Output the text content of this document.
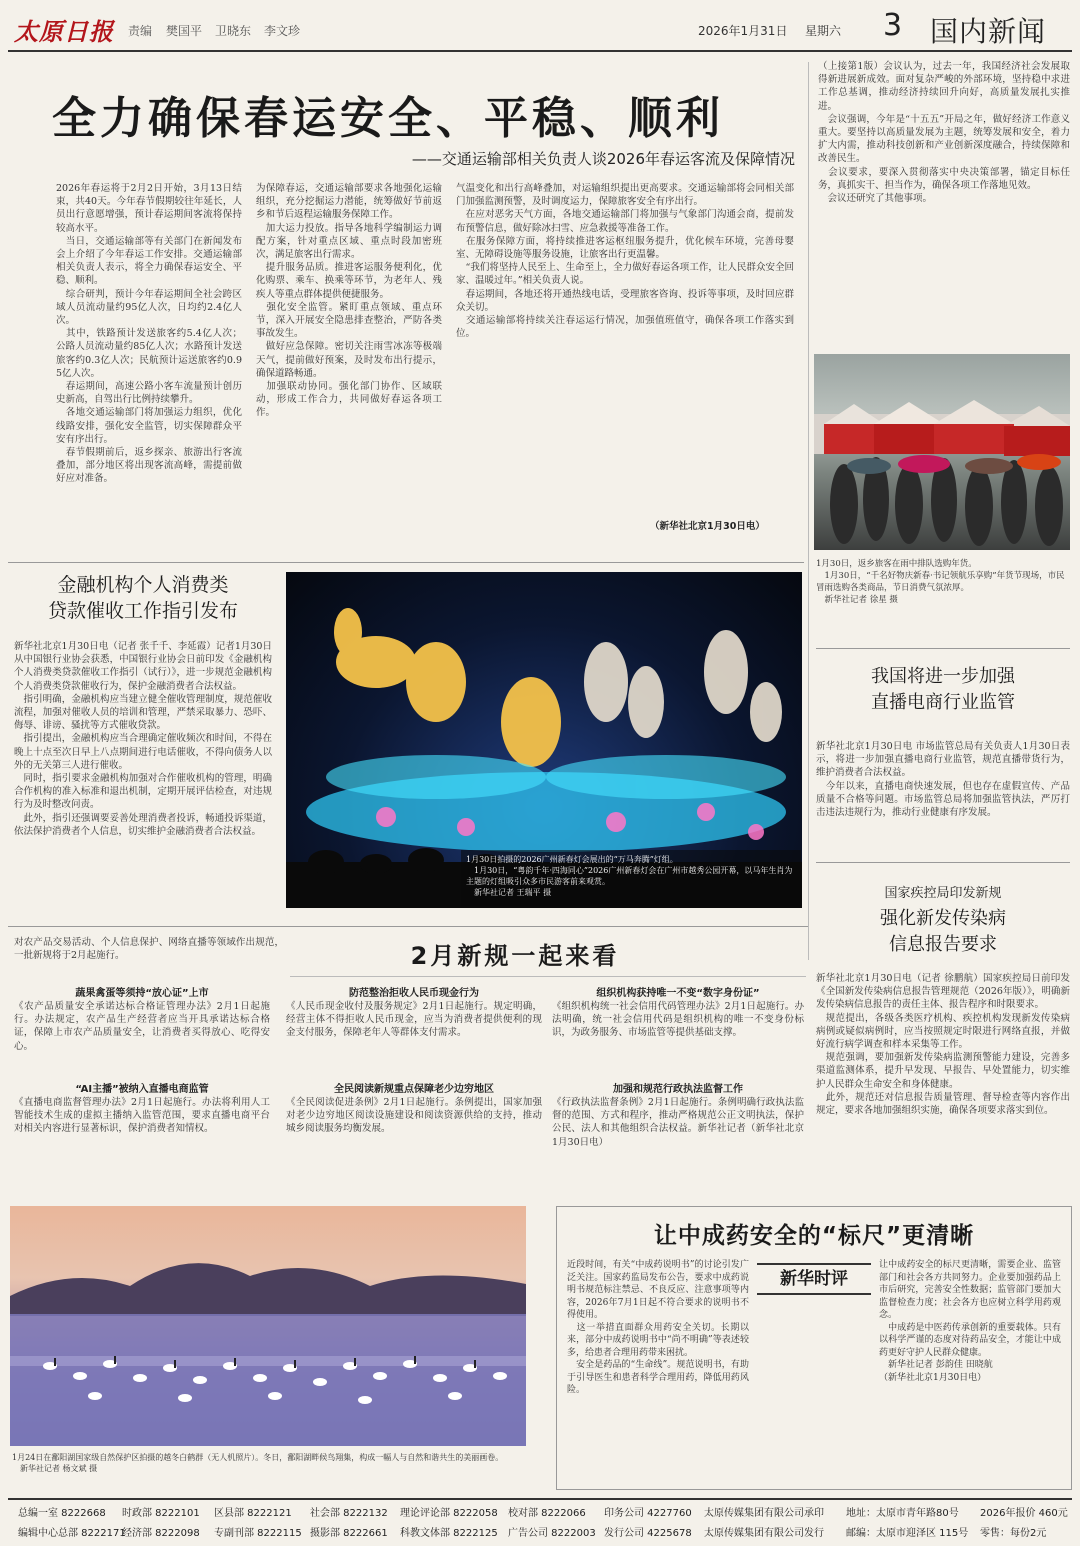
太原日报 责编 樊国平 卫晓东 李文珍	2026年1月31日 星期六 3 国内新闻
全力确保春运安全、平稳、顺利
——交通运输部相关负责人谈2026年春运客流及保障情况
2026年春运将于2月2日开始，3月13日结束，共40天。今年春节假期较往年延长，人员出行意愿增强，预计春运期间客流将保持较高水平。
　当日，交通运输部等有关部门在新闻发布会上介绍了今年春运工作安排。交通运输部相关负责人表示，将全力确保春运安全、平稳、顺利。
　综合研判，预计今年春运期间全社会跨区域人员流动量约95亿人次，日均约2.4亿人次。
　其中，铁路预计发送旅客约5.4亿人次；公路人员流动量约85亿人次；水路预计发送旅客约0.3亿人次；民航预计运送旅客约0.95亿人次。
　春运期间，高速公路小客车流量预计创历史新高，自驾出行比例持续攀升。
　各地交通运输部门将加强运力组织，优化线路安排，强化安全监管，切实保障群众平安有序出行。
　春节假期前后，返乡探亲、旅游出行客流叠加，部分地区将出现客流高峰，需提前做好应对准备。
为保障春运，交通运输部要求各地强化运输组织，充分挖掘运力潜能，统筹做好节前返乡和节后返程运输服务保障工作。
　加大运力投放。指导各地科学编制运力调配方案，针对重点区域、重点时段加密班次，满足旅客出行需求。
　提升服务品质。推进客运服务便利化，优化购票、乘车、换乘等环节，为老年人、残疾人等重点群体提供便捷服务。
　强化安全监管。紧盯重点领域、重点环节，深入开展安全隐患排查整治，严防各类事故发生。
　做好应急保障。密切关注雨雪冰冻等极端天气，提前做好预案，及时发布出行提示，确保道路畅通。
　加强联动协同。强化部门协作、区域联动，形成工作合力，共同做好春运各项工作。
气温变化和出行高峰叠加，对运输组织提出更高要求。交通运输部将会同相关部门加强监测预警，及时调度运力，保障旅客安全有序出行。
　在应对恶劣天气方面，各地交通运输部门将加强与气象部门沟通会商，提前发布预警信息，做好除冰扫雪、应急救援等准备工作。
　在服务保障方面，将持续推进客运枢纽服务提升，优化候车环境，完善母婴室、无障碍设施等服务设施，让旅客出行更温馨。
　“我们将坚持人民至上、生命至上，全力做好春运各项工作，让人民群众安全回家、温暖过年。”相关负责人说。
　春运期间，各地还将开通热线电话，受理旅客咨询、投诉等事项，及时回应群众关切。
　交通运输部将持续关注春运运行情况，加强值班值守，确保各项工作落实到位。
（新华社北京1月30日电）
（上接第1版）会议认为，过去一年，我国经济社会发展取得新进展新成效。面对复杂严峻的外部环境，坚持稳中求进工作总基调，推动经济持续回升向好，高质量发展扎实推进。
　会议强调，今年是“十五五”开局之年，做好经济工作意义重大。要坚持以高质量发展为主题，统筹发展和安全，着力扩大内需，推动科技创新和产业创新深度融合，持续保障和改善民生。
　会议要求，要深入贯彻落实中央决策部署，锚定目标任务，真抓实干、担当作为，确保各项工作落地见效。
　会议还研究了其他事项。
1月30日，返乡旅客在雨中排队选购年货。
　1月30日，“千名好物庆新春·书记领航乐享购”年货节现场，市民冒雨选购各类商品，节日消费气氛浓厚。
　新华社记者 徐星 摄
金融机构个人消费类
贷款催收工作指引发布
新华社北京1月30日电（记者 张千千、李延霞）记者1月30日从中国银行业协会获悉，中国银行业协会日前印发《金融机构个人消费类贷款催收工作指引（试行）》，进一步规范金融机构个人消费类贷款催收行为，保护金融消费者合法权益。
　指引明确，金融机构应当建立健全催收管理制度，规范催收流程，加强对催收人员的培训和管理，严禁采取暴力、恐吓、侮辱、诽谤、骚扰等方式催收贷款。
　指引提出，金融机构应当合理确定催收频次和时间，不得在晚上十点至次日早上八点期间进行电话催收，不得向债务人以外的无关第三人进行催收。
　同时，指引要求金融机构加强对合作催收机构的管理，明确合作机构的准入标准和退出机制，定期开展评估检查，对违规行为及时整改问责。
　此外，指引还强调要妥善处理消费者投诉，畅通投诉渠道，依法保护消费者个人信息，切实维护金融消费者合法权益。
1月30日拍摄的2026广州新春灯会展出的“万马奔腾”灯组。
　1月30日，“粤韵千年·四海同心”2026广州新春灯会在广州市越秀公园开幕，以马年生肖为主题的灯组吸引众多市民游客前来观赏。
　新华社记者 王瑞平 摄
我国将进一步加强
直播电商行业监管
新华社北京1月30日电 市场监管总局有关负责人1月30日表示，将进一步加强直播电商行业监管，规范直播带货行为，维护消费者合法权益。
　今年以来，直播电商快速发展，但也存在虚假宣传、产品质量不合格等问题。市场监管总局将加强监管执法，严厉打击违法违规行为，推动行业健康有序发展。
国家疾控局印发新规
强化新发传染病
信息报告要求
新华社北京1月30日电（记者 徐鹏航）国家疾控局日前印发《全国新发传染病信息报告管理规范（2026年版）》，明确新发传染病信息报告的责任主体、报告程序和时限要求。
　规范提出，各级各类医疗机构、疾控机构发现新发传染病病例或疑似病例时，应当按照规定时限进行网络直报，并做好流行病学调查和样本采集等工作。
　规范强调，要加强新发传染病监测预警能力建设，完善多渠道监测体系，提升早发现、早报告、早处置能力，切实维护人民群众生命安全和身体健康。
　此外，规范还对信息报告质量管理、督导检查等内容作出规定，要求各地加强组织实施，确保各项要求落实到位。
对农产品交易活动、个人信息保护、网络直播等领域作出规范，一批新规将于2月起施行。	2月新规一起来看
蔬果禽蛋等须持“放心证”上市
《农产品质量安全承诺达标合格证管理办法》2月1日起施行。办法规定，农产品生产经营者应当开具承诺达标合格证，保障上市农产品质量安全，让消费者买得放心、吃得安心。
“AI主播”被纳入直播电商监管
《直播电商监督管理办法》2月1日起施行。办法将利用人工智能技术生成的虚拟主播纳入监管范围，要求直播电商平台对相关内容进行显著标识，保护消费者知情权。
防范整治拒收人民币现金行为
《人民币现金收付及服务规定》2月1日起施行。规定明确，经营主体不得拒收人民币现金，应当为消费者提供便利的现金支付服务，保障老年人等群体支付需求。
全民阅读新规重点保障老少边穷地区
《全民阅读促进条例》2月1日起施行。条例提出，国家加强对老少边穷地区阅读设施建设和阅读资源供给的支持，推动城乡阅读服务均衡发展。
组织机构获持唯一不变“数字身份证”
《组织机构统一社会信用代码管理办法》2月1日起施行。办法明确，统一社会信用代码是组织机构的唯一不变身份标识，为政务服务、市场监管等提供基础支撑。
加强和规范行政执法监督工作
《行政执法监督条例》2月1日起施行。条例明确行政执法监督的范围、方式和程序，推动严格规范公正文明执法，保护公民、法人和其他组织合法权益。新华社记者（新华社北京1月30日电）
1月24日在鄱阳湖国家级自然保护区拍摄的越冬白鹤群（无人机照片）。冬日，鄱阳湖畔候鸟翔集，构成一幅人与自然和谐共生的美丽画卷。
　新华社记者 杨文斌 摄
让中成药安全的“标尺”更清晰
新华时评
近段时间，有关“中成药说明书”的讨论引发广泛关注。国家药监局发布公告，要求中成药说明书规范标注禁忌、不良反应、注意事项等内容，2026年7月1日起不符合要求的说明书不得使用。
　这一举措直面群众用药安全关切。长期以来，部分中成药说明书中“尚不明确”等表述较多，给患者合理用药带来困扰。
　安全是药品的“生命线”。规范说明书，有助于引导医生和患者科学合理用药，降低用药风险。
让中成药安全的标尺更清晰，需要企业、监管部门和社会各方共同努力。企业要加强药品上市后研究，完善安全性数据；监管部门要加大监督检查力度；社会各方也应树立科学用药观念。
　中成药是中医药传承创新的重要载体。只有以科学严谨的态度对待药品安全，才能让中成药更好守护人民群众健康。
　新华社记者 彭韵佳 田晓航
（新华社北京1月30日电）
总编一室 8222668 时政部 8222101 区县部 8222121 社会部 8222132 理论评论部 8222058 校对部 8222066 印务公司 4227760 太原传媒集团有限公司承印 地址：太原市青年路80号 2026年报价 460元
编辑中心总部 8222171
经济部 8222098 专副刊部 8222115 摄影部 8222661 科教文体部 8222125 广告公司 8222003 发行公司 4225678 太原传媒集团有限公司发行 邮编：太原市迎泽区 115号 零售：每份2元
